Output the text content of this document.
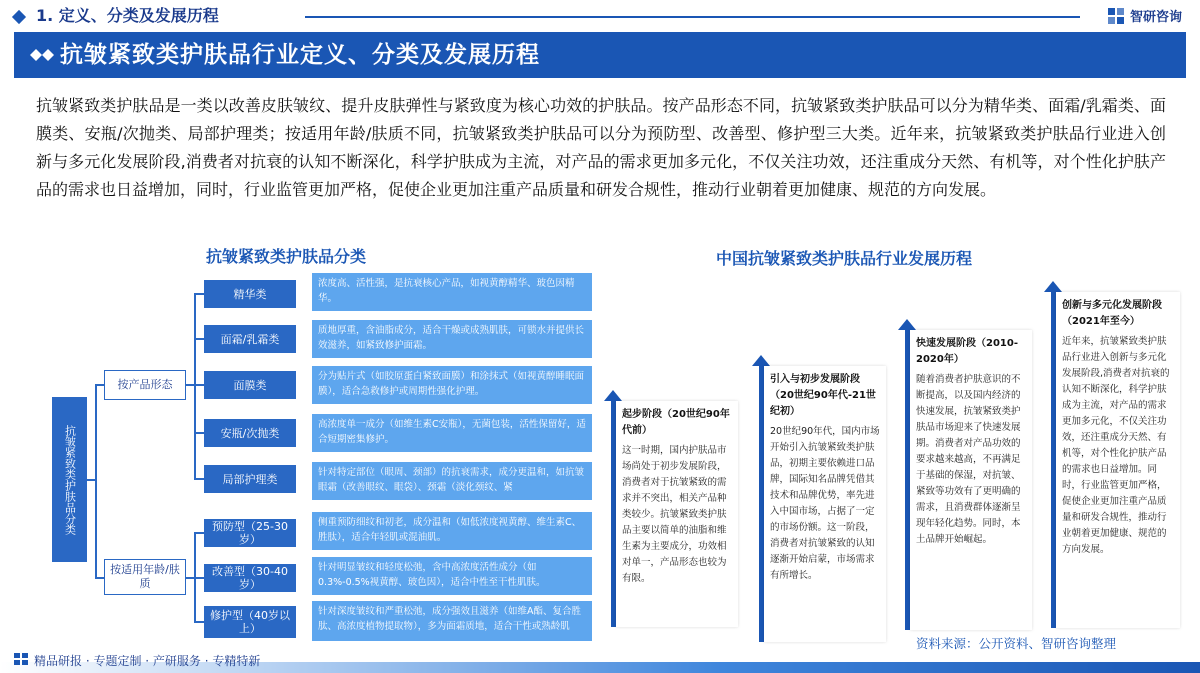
1. 定义、分类及发展历程	智研咨询
抗皱紧致类护肤品行业定义、分类及发展历程
抗皱紧致类护肤品是一类以改善皮肤皱纹、提升皮肤弹性与紧致度为核心功效的护肤品。按产品形态不同，抗皱紧致类护肤品可以分为精华类、面霜/乳霜类、面膜类、安瓶/次抛类、局部护理类；按适用年龄/肤质不同，抗皱紧致类护肤品可以分为预防型、改善型、修护型三大类。近年来，抗皱紧致类护肤品行业进入创新与多元化发展阶段,消费者对抗衰的认知不断深化，科学护肤成为主流，对产品的需求更加多元化，不仅关注功效，还注重成分天然、有机等，对个性化护肤产品的需求也日益增加，同时，行业监管更加严格，促使企业更加注重产品质量和研发合规性，推动行业朝着更加健康、规范的方向发展。
抗皱紧致类护肤品分类	中国抗皱紧致类护肤品行业发展历程
抗皱紧致类护肤品分类
按产品形态
按适用年龄/肤质
精华类
浓度高、活性强，是抗衰核心产品，如视黄醇精华、玻色因精华。
面霜/乳霜类
质地厚重，含油脂成分，适合干燥或成熟肌肤，可锁水并提供长效滋养，如紧致修护面霜。
面膜类
分为贴片式（如胶原蛋白紧致面膜）和涂抹式（如视黄醇睡眠面膜），适合急救修护或周期性强化护理。
安瓶/次抛类
高浓度单一成分（如维生素C安瓶），无菌包装，活性保留好，适合短期密集修护。
局部护理类	针对特定部位（眼周、颈部）的抗衰需求，成分更温和，如抗皱眼霜（改善眼纹、眼袋）、颈霜（淡化颈纹、紧
预防型（25-30岁）
侧重预防细纹和初老，成分温和（如低浓度视黄醇、维生素C、胜肽），适合年轻肌或混油肌。
改善型（30-40岁）
针对明显皱纹和轻度松弛，含中高浓度活性成分（如0.3%-0.5%视黄醇、玻色因），适合中性至干性肌肤。
修护型（40岁以上）
针对深度皱纹和严重松弛，成分强效且滋养（如维A酯、复合胜肽、高浓度植物提取物），多为面霜质地，适合干性或熟龄肌
起步阶段（20世纪90年代前）
这一时期，国内护肤品市场尚处于初步发展阶段，消费者对于抗皱紧致的需求并不突出，相关产品种类较少。抗皱紧致类护肤品主要以简单的油脂和维生素为主要成分，功效相对单一，产品形态也较为有限。
引入与初步发展阶段（20世纪90年代-21世纪初）
20世纪90年代，国内市场开始引入抗皱紧致类护肤品，初期主要依赖进口品牌，国际知名品牌凭借其技术和品牌优势，率先进入中国市场，占据了一定的市场份额。这一阶段，消费者对抗皱紧致的认知逐渐开始启蒙，市场需求有所增长。
快速发展阶段（2010-2020年）
随着消费者护肤意识的不断提高，以及国内经济的快速发展，抗皱紧致类护肤品市场迎来了快速发展期。消费者对产品功效的要求越来越高，不再满足于基础的保湿，对抗皱、紧致等功效有了更明确的需求，且消费群体逐渐呈现年轻化趋势。同时，本土品牌开始崛起。
创新与多元化发展阶段（2021年至今）
近年来，抗皱紧致类护肤品行业进入创新与多元化发展阶段,消费者对抗衰的认知不断深化，科学护肤成为主流，对产品的需求更加多元化，不仅关注功效，还注重成分天然、有机等，对个性化护肤产品的需求也日益增加。同时，行业监管更加严格，促使企业更加注重产品质量和研发合规性，推动行业朝着更加健康、规范的方向发展。
资料来源：公开资料、智研咨询整理
精品研报 · 专题定制 · 产研服务 · 专精特新
